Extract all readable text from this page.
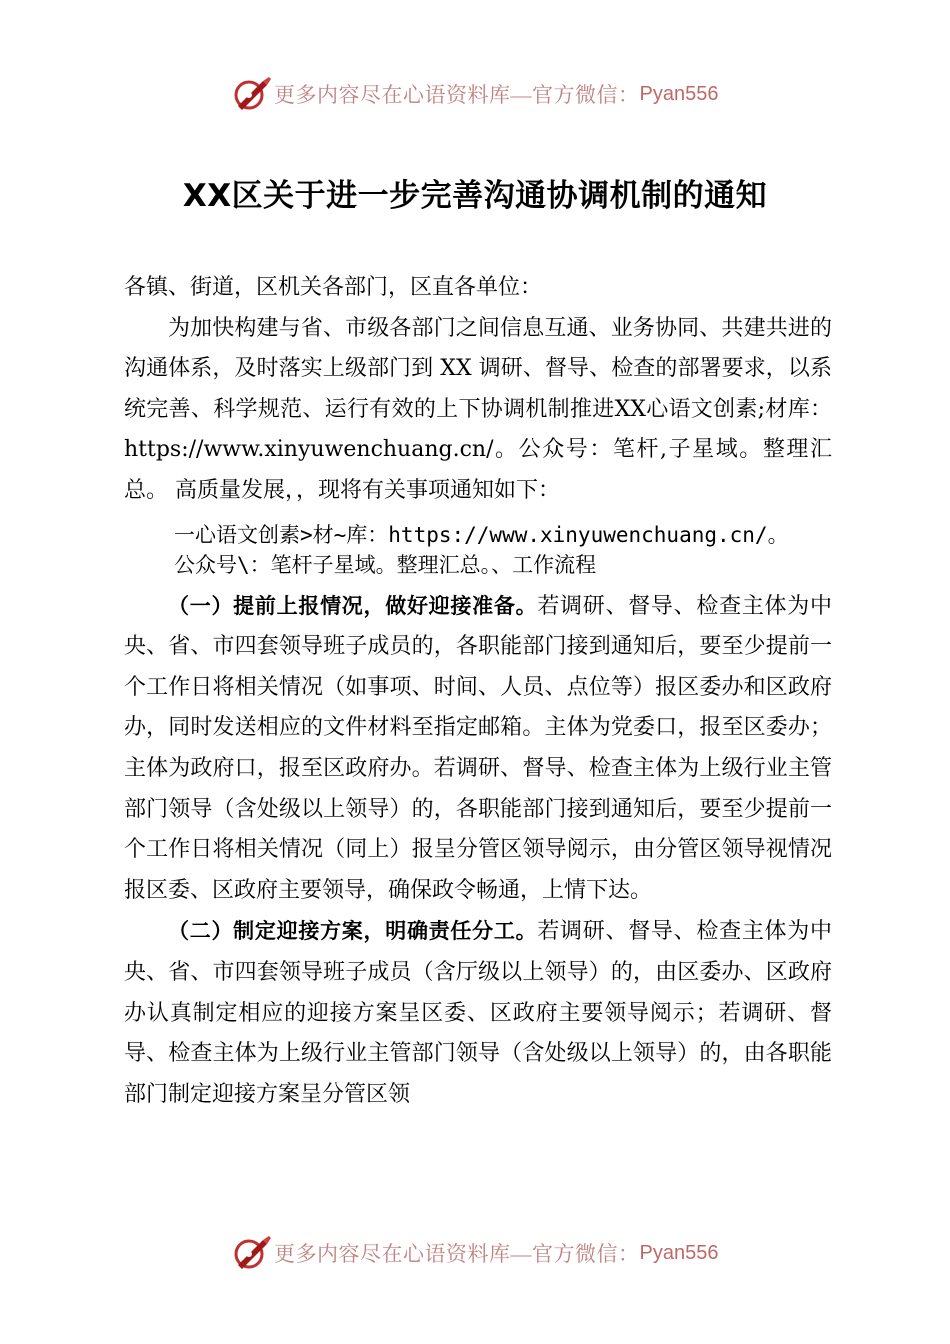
更多内容尽在心语资料库—官方微信： Pyan556
XX区关于进一步完善沟通协调机制的通知

各镇、街道，区机关各部门，区直各单位：

为加快构建与省、市级各部门之间信息互通、业务协同、共建共进的沟通体系，及时落实上级部门到 XX 调研、督导、检查的部署要求，以系统完善、科学规范、运行有效的上下协调机制推进XX心语文创素;材库：https://www.xinyuwenchuang.cn/。公众号：笔杆,子星域。整理汇总。 高质量发展，，现将有关事项通知如下：

一心语文创素>材~库：https://www.xinyuwenchuang.cn/。
公众号\：笔杆子星域。整理汇总。、工作流程

（一）提前上报情况，做好迎接准备。若调研、督导、检查主体为中央、省、市四套领导班子成员的，各职能部门接到通知后，要至少提前一个工作日将相关情况（如事项、时间、人员、点位等）报区委办和区政府办，同时发送相应的文件材料至指定邮箱。主体为党委口，报至区委办；主体为政府口，报至区政府办。若调研、督导、检查主体为上级行业主管部门领导（含处级以上领导）的，各职能部门接到通知后，要至少提前一个工作日将相关情况（同上）报呈分管区领导阅示，由分管区领导视情况报区委、区政府主要领导，确保政令畅通，上情下达。

（二）制定迎接方案，明确责任分工。若调研、督导、检查主体为中央、省、市四套领导班子成员（含厅级以上领导）的，由区委办、区政府办认真制定相应的迎接方案呈区委、区政府主要领导阅示；若调研、督导、检查主体为上级行业主管部门领导（含处级以上领导）的，由各职能部门制定迎接方案呈分管区领

更多内容尽在心语资料库—官方微信： Pyan556
